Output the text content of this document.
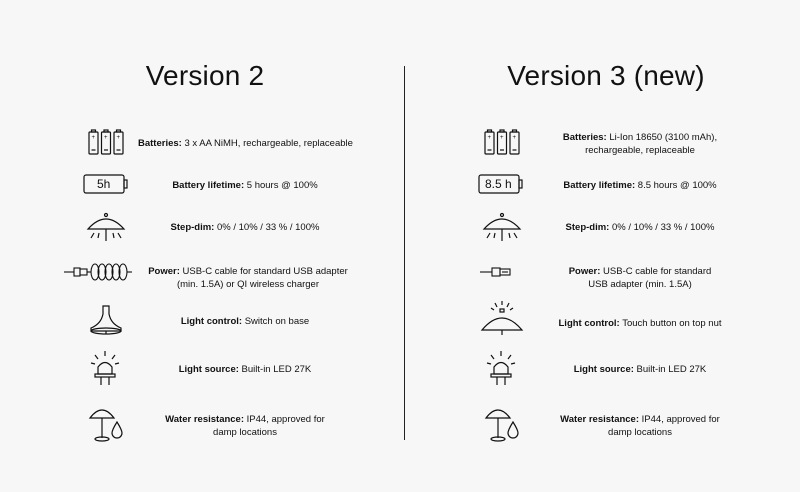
Version 2	Version 3 (new)
+ + + Batteries: 3 x AA NiMH, rechargeable, replaceable
5h	Battery lifetime: 5 hours @ 100%
Step-dim: 0% / 10% / 33 % / 100%
Power: USB-C cable for standard USB adapter
(min. 1.5A) or QI wireless charger
Light control: Switch on base
Light source: Built-in LED 27K
Water resistance: IP44, approved for
damp locations
+ + +	Batteries: Li-Ion 18650 (3100 mAh),
rechargeable, replaceable
8.5 h	Battery lifetime: 8.5 hours @ 100%
Step-dim: 0% / 10% / 33 % / 100%
Power: USB-C cable for standard
USB adapter (min. 1.5A)
Light control: Touch button on top nut
Light source: Built-in LED 27K
Water resistance: IP44, approved for
damp locations
